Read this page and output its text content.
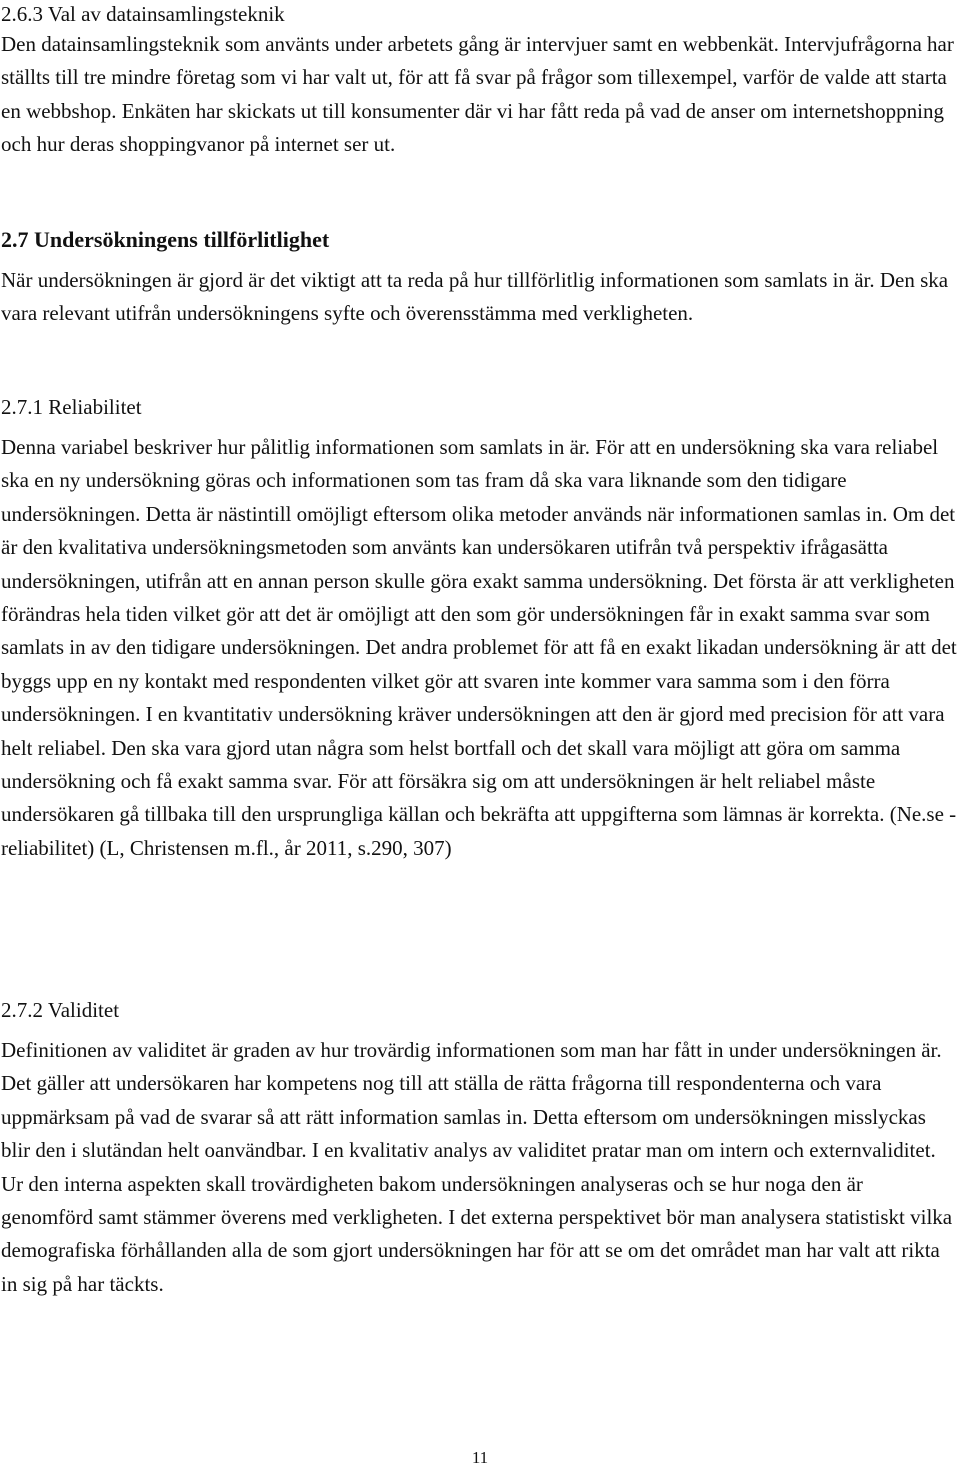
2.6.3 Val av datainsamlingsteknik

Den datainsamlingsteknik som använts under arbetets gång är intervjuer samt en webbenkät. Intervjufrågorna har ställts till tre mindre företag som vi har valt ut, för att få svar på frågor som tillexempel, varför de valde att starta en webbshop. Enkäten har skickats ut till konsumenter där vi har fått reda på vad de anser om internetshoppning och hur deras shoppingvanor på internet ser ut.

2.7 Undersökningens tillförlitlighet

När undersökningen är gjord är det viktigt att ta reda på hur tillförlitlig informationen som samlats in är. Den ska vara relevant utifrån undersökningens syfte och överensstämma med verkligheten.

2.7.1 Reliabilitet

Denna variabel beskriver hur pålitlig informationen som samlats in är. För att en undersökning ska vara reliabel ska en ny undersökning göras och informationen som tas fram då ska vara liknande som den tidigare undersökningen. Detta är nästintill omöjligt eftersom olika metoder används när informationen samlas in. Om det är den kvalitativa undersökningsmetoden som använts kan undersökaren utifrån två perspektiv ifrågasätta undersökningen, utifrån att en annan person skulle göra exakt samma undersökning. Det första är att verkligheten förändras hela tiden vilket gör att det är omöjligt att den som gör undersökningen får in exakt samma svar som samlats in av den tidigare undersökningen. Det andra problemet för att få en exakt likadan undersökning är att det byggs upp en ny kontakt med respondenten vilket gör att svaren inte kommer vara samma som i den förra undersökningen. I en kvantitativ undersökning kräver undersökningen att den är gjord med precision för att vara helt reliabel. Den ska vara gjord utan några som helst bortfall och det skall vara möjligt att göra om samma undersökning och få exakt samma svar. För att försäkra sig om att undersökningen är helt reliabel måste undersökaren gå tillbaka till den ursprungliga källan och bekräfta att uppgifterna som lämnas är korrekta. (Ne.se - reliabilitet) (L, Christensen m.fl., år 2011, s.290, 307)

2.7.2 Validitet

Definitionen av validitet är graden av hur trovärdig informationen som man har fått in under undersökningen är. Det gäller att undersökaren har kompetens nog till att ställa de rätta frågorna till respondenterna och vara uppmärksam på vad de svarar så att rätt information samlas in. Detta eftersom om undersökningen misslyckas blir den i slutändan helt oanvändbar. I en kvalitativ analys av validitet pratar man om intern och externvaliditet. Ur den interna aspekten skall trovärdigheten bakom undersökningen analyseras och se hur noga den är genomförd samt stämmer överens med verkligheten. I det externa perspektivet bör man analysera statistiskt vilka demografiska förhållanden alla de som gjort undersökningen har för att se om det området man har valt att rikta in sig på har täckts.

11
